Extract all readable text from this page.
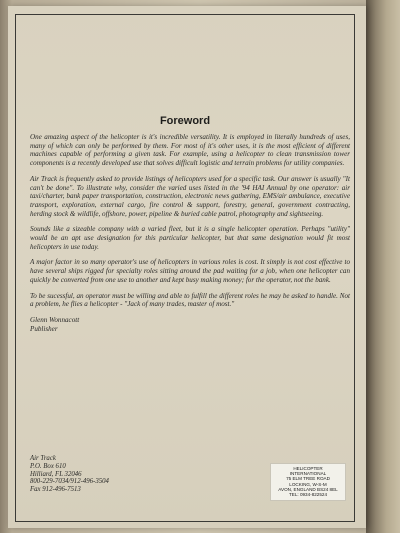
Foreword

One amazing aspect of the helicopter is it's incredible versatility. It is employed in literally hundreds of uses, many of which can only be performed by them. For most of it's other uses, it is the most efficient of different machines capable of performing a given task. For example, using a helicopter to clean transmission tower components is a recently developed use that solves difficult logistic and terrain problems for utility companies.

Air Track is frequently asked to provide listings of helicopters used for a specific task. Our answer is usually "It can't be done". To illustrate why, consider the varied uses listed in the '94 HAI Annual by one operator: air taxi/charter, bank paper transportation, construction, electronic news gathering, EMS/air ambulance, executive transport, exploration, external cargo, fire control & support, forestry, general, government contracting, herding stock & wildlife, offshore, power, pipeline & buried cable patrol, photography and sightseeing.

Sounds like a sizeable company with a varied fleet, but it is a single helicopter operation. Perhaps "utility" would be an apt use designation for this particular helicopter, but that same designation would fit most helicopters in use today.

A major factor in so many operator's use of helicopters in various roles is cost. It simply is not cost effective to have several ships rigged for specialty roles sitting around the pad waiting for a job, when one helicopter can quickly be converted from one use to another and kept busy making money; for the operator, not the bank.

To be sucessful, an operator must be willing and able to fulfill the different roles he may be asked to handle. Not a problem, he flies a helicopter - "Jack of many trades, master of most."

Glenn Wonnacott
Publisher
Air Track
P.O. Box 610
Hilliard, FL 32046
800-229-7034/912-496-3504
Fax 912-496-7513
HELICOPTER
INTERNATIONAL
75 ELM TREE ROAD
LOCKING, W-S-M
AVON, ENGLAND BS24 8EL
TEL: 0934-822524
